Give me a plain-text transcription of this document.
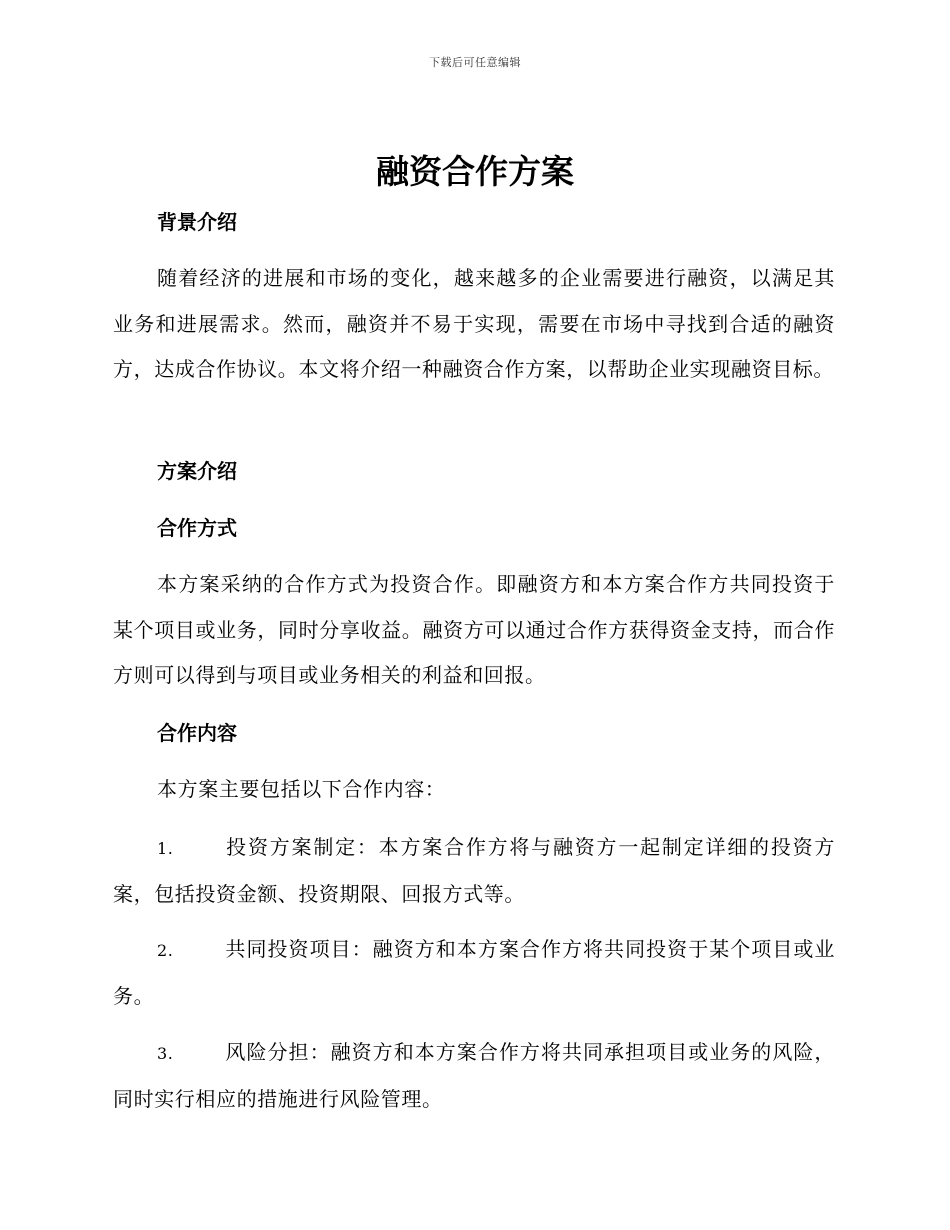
下载后可任意编辑
融资合作方案
背景介绍
随着经济的进展和市场的变化，越来越多的企业需要进行融资，以满足其业务和进展需求。然而，融资并不易于实现，需要在市场中寻找到合适的融资方，达成合作协议。本文将介绍一种融资合作方案，以帮助企业实现融资目标。
方案介绍
合作方式
本方案采纳的合作方式为投资合作。即融资方和本方案合作方共同投资于某个项目或业务，同时分享收益。融资方可以通过合作方获得资金支持，而合作方则可以得到与项目或业务相关的利益和回报。
合作内容
本方案主要包括以下合作内容：
1.	投资方案制定：本方案合作方将与融资方一起制定详细的投资方案，包括投资金额、投资期限、回报方式等。
2.	共同投资项目：融资方和本方案合作方将共同投资于某个项目或业务。
3.	风险分担：融资方和本方案合作方将共同承担项目或业务的风险，同时实行相应的措施进行风险管理。
